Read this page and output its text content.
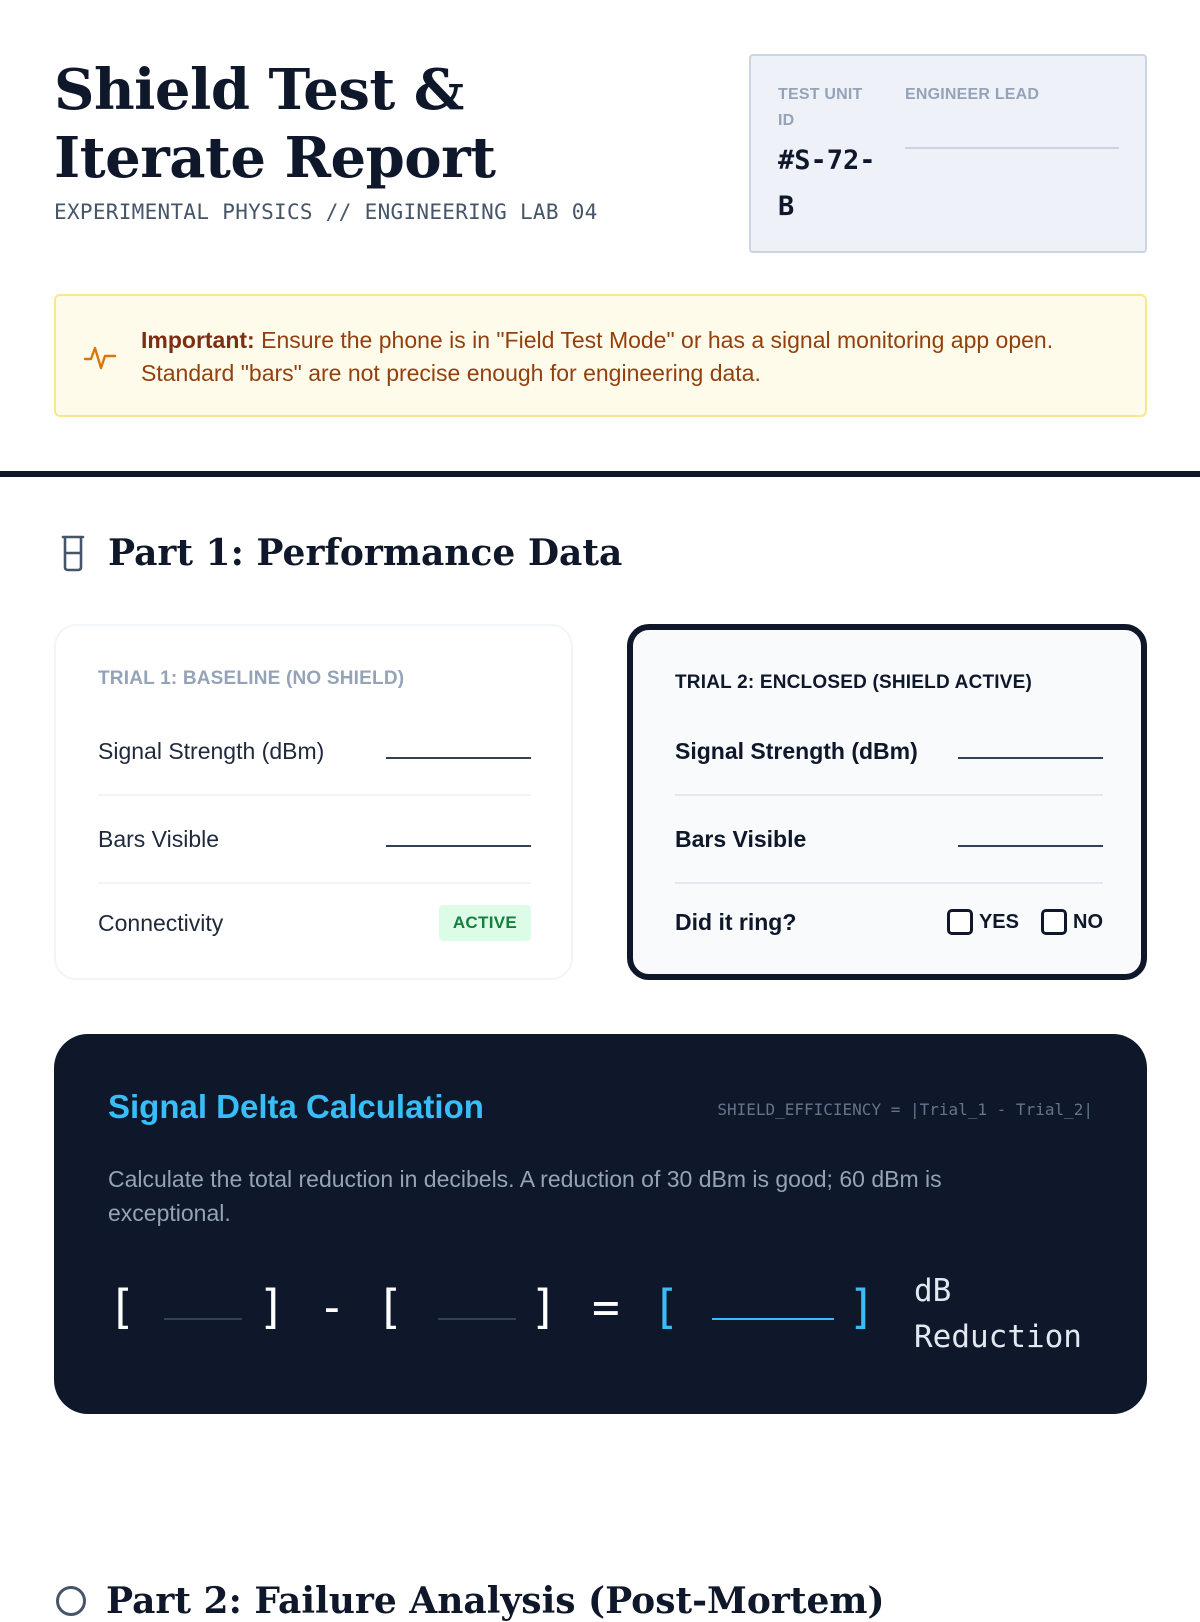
Shield Test & Iterate Report
EXPERIMENTAL PHYSICS // ENGINEERING LAB 04
TEST UNIT ID
#S-72-B
ENGINEER LEAD
Important: Ensure the phone is in "Field Test Mode" or has a signal monitoring app open. Standard "bars" are not precise enough for engineering data.
Part 1: Performance Data
TRIAL 1: BASELINE (NO SHIELD)
Signal Strength (dBm)
Bars Visible
Connectivity	ACTIVE
TRIAL 2: ENCLOSED (SHIELD ACTIVE)
Signal Strength (dBm)
Bars Visible
Did it ring?	YES	NO
Signal Delta Calculation	SHIELD_EFFICIENCY = |Trial_1 - Trial_2|
Calculate the total reduction in decibels. A reduction of 30 dBm is good; 60 dBm is exceptional.
[	] - [	] = [	] dB Reduction
Part 2: Failure Analysis (Post-Mortem)
